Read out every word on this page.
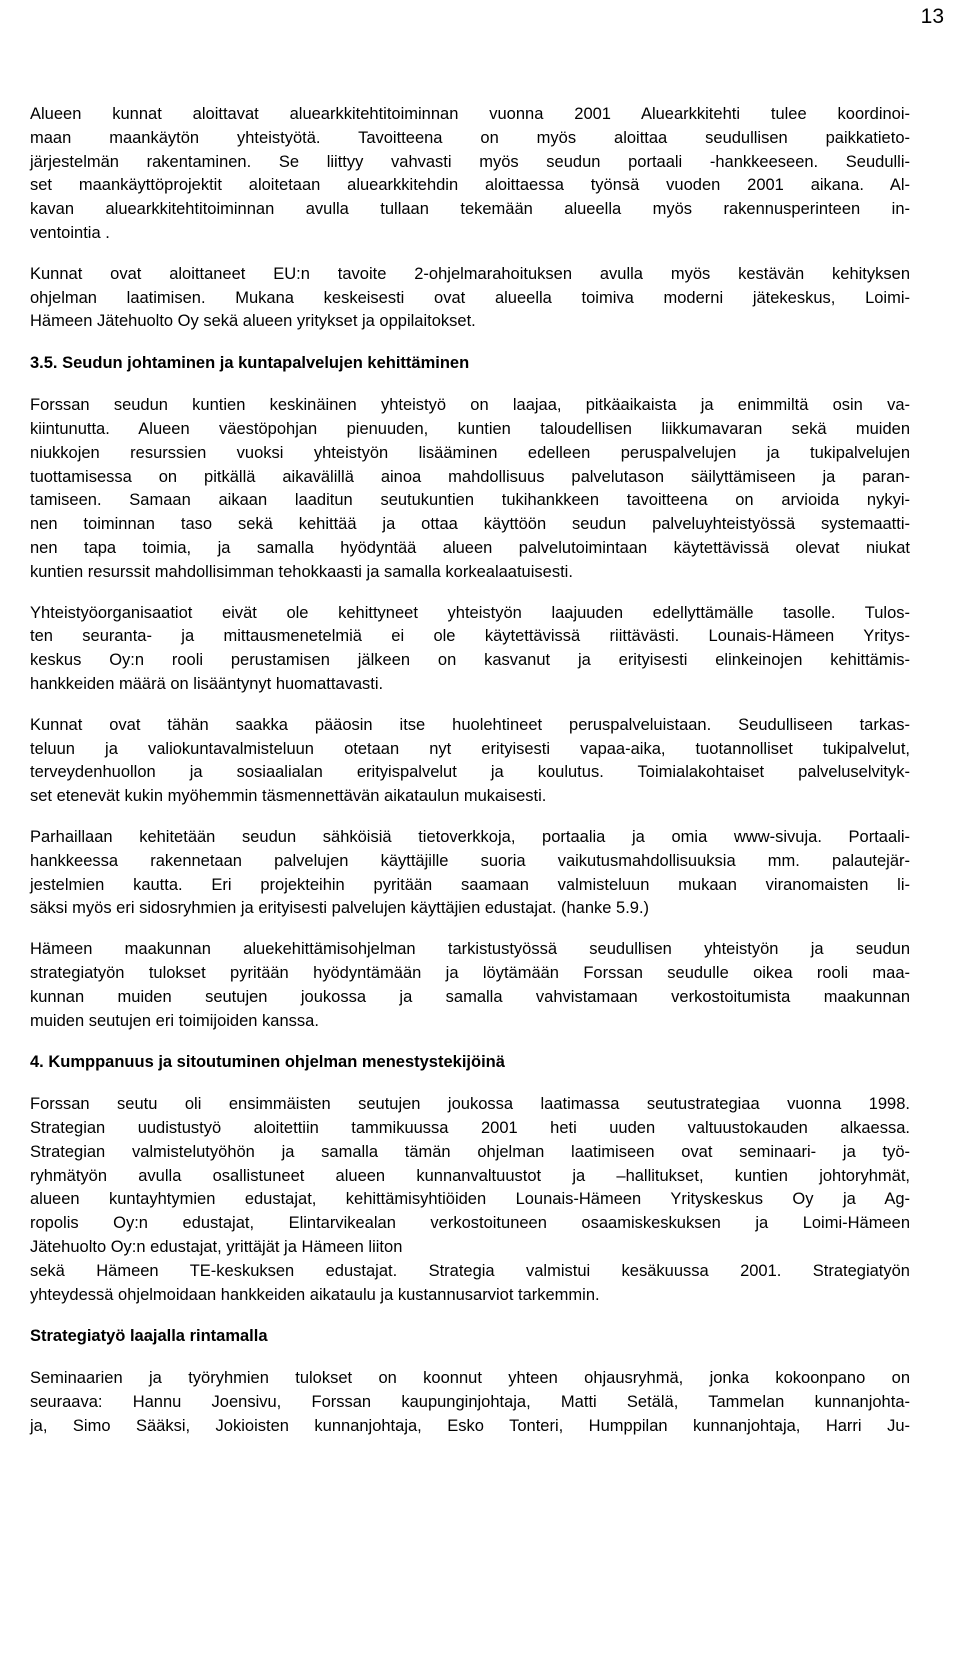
13
Alueen kunnat aloittavat aluearkkitehtitoiminnan vuonna 2001 Aluearkkitehti tulee koordinoi-
maan maankäytön yhteistyötä. Tavoitteena on myös aloittaa seudullisen paikkatieto-
järjestelmän rakentaminen. Se liittyy vahvasti myös seudun portaali -hankkeeseen. Seudulli-
set maankäyttöprojektit aloitetaan aluearkkitehdin aloittaessa työnsä vuoden 2001 aikana. Al-
kavan aluearkkitehtitoiminnan avulla tullaan tekemään alueella myös rakennusperinteen in-
ventointia .
Kunnat ovat aloittaneet EU:n tavoite 2-ohjelmarahoituksen avulla myös kestävän kehityksen
ohjelman laatimisen. Mukana keskeisesti ovat alueella toimiva moderni jätekeskus, Loimi-
Hämeen Jätehuolto Oy sekä alueen yritykset ja oppilaitokset.
3.5. Seudun johtaminen ja kuntapalvelujen kehittäminen
Forssan seudun kuntien keskinäinen yhteistyö on laajaa, pitkäaikaista ja enimmiltä osin va-
kiintunutta. Alueen väestöpohjan pienuuden, kuntien taloudellisen liikkumavaran sekä muiden
niukkojen resurssien vuoksi yhteistyön lisääminen edelleen peruspalvelujen ja tukipalvelujen
tuottamisessa on pitkällä aikavälillä ainoa mahdollisuus palvelutason säilyttämiseen ja paran-
tamiseen. Samaan aikaan laaditun seutukuntien tukihankkeen tavoitteena on arvioida nykyi-
nen toiminnan taso sekä kehittää ja ottaa käyttöön seudun palveluyhteistyössä systemaatti-
nen tapa toimia, ja samalla hyödyntää alueen palvelutoimintaan käytettävissä olevat niukat
kuntien resurssit mahdollisimman tehokkaasti ja samalla korkealaatuisesti.
Yhteistyöorganisaatiot eivät ole kehittyneet yhteistyön laajuuden edellyttämälle tasolle. Tulos-
ten seuranta- ja mittausmenetelmiä ei ole käytettävissä riittävästi. Lounais-Hämeen Yritys-
keskus Oy:n rooli perustamisen jälkeen on kasvanut ja erityisesti elinkeinojen kehittämis-
hankkeiden määrä on lisääntynyt huomattavasti.
Kunnat ovat tähän saakka pääosin itse huolehtineet peruspalveluistaan. Seudulliseen tarkas-
teluun ja valiokuntavalmisteluun otetaan nyt erityisesti vapaa-aika, tuotannolliset tukipalvelut,
terveydenhuollon ja sosiaalialan erityispalvelut ja koulutus. Toimialakohtaiset palveluselvityk-
set etenevät kukin myöhemmin täsmennettävän aikataulun mukaisesti.
Parhaillaan kehitetään seudun sähköisiä tietoverkkoja, portaalia ja omia www-sivuja. Portaali-
hankkeessa rakennetaan palvelujen käyttäjille suoria vaikutusmahdollisuuksia mm. palautejär-
jestelmien kautta. Eri projekteihin pyritään saamaan valmisteluun mukaan viranomaisten li-
säksi myös eri sidosryhmien ja erityisesti palvelujen käyttäjien edustajat. (hanke 5.9.)
Hämeen maakunnan aluekehittämisohjelman tarkistustyössä seudullisen yhteistyön ja seudun
strategiatyön tulokset pyritään hyödyntämään ja löytämään Forssan seudulle oikea rooli maa-
kunnan muiden seutujen joukossa ja samalla vahvistamaan verkostoitumista maakunnan
muiden seutujen eri toimijoiden kanssa.
4. Kumppanuus ja sitoutuminen ohjelman menestystekijöinä
Forssan seutu oli ensimmäisten seutujen joukossa laatimassa seutustrategiaa vuonna 1998.
Strategian uudistustyö aloitettiin tammikuussa 2001 heti uuden valtuustokauden alkaessa.
Strategian valmistelutyöhön ja samalla tämän ohjelman laatimiseen ovat seminaari- ja työ-
ryhmätyön avulla osallistuneet alueen kunnanvaltuustot ja –hallitukset, kuntien johtoryhmät,
alueen kuntayhtymien edustajat, kehittämisyhtiöiden Lounais-Hämeen Yrityskeskus Oy ja Ag-
ropolis Oy:n edustajat, Elintarvikealan verkostoituneen osaamiskeskuksen ja Loimi-Hämeen
Jätehuolto Oy:n edustajat, yrittäjät ja Hämeen liiton
sekä Hämeen TE-keskuksen edustajat. Strategia valmistui kesäkuussa 2001. Strategiatyön
yhteydessä ohjelmoidaan hankkeiden aikataulu ja kustannusarviot tarkemmin.
Strategiatyö laajalla rintamalla
Seminaarien ja työryhmien tulokset on koonnut yhteen ohjausryhmä, jonka kokoonpano on
seuraava: Hannu Joensivu, Forssan kaupunginjohtaja, Matti Setälä, Tammelan kunnanjohta-
ja, Simo Sääksi, Jokioisten kunnanjohtaja, Esko Tonteri, Humppilan kunnanjohtaja, Harri Ju-
